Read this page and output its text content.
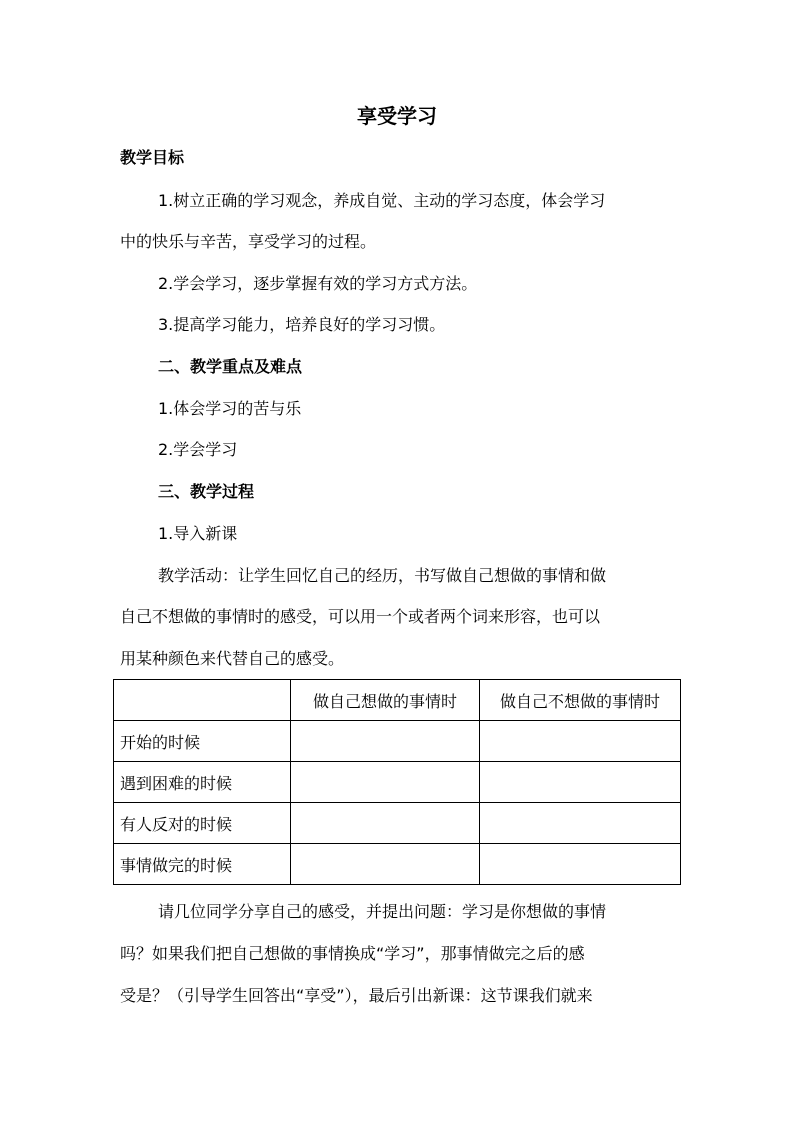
享受学习
教学目标
1.树立正确的学习观念，养成自觉、主动的学习态度，体会学习
中的快乐与辛苦，享受学习的过程。
2.学会学习，逐步掌握有效的学习方式方法。
3.提高学习能力，培养良好的学习习惯。
二、教学重点及难点
1.体会学习的苦与乐
2.学会学习
三、教学过程
1.导入新课
教学活动：让学生回忆自己的经历，书写做自己想做的事情和做
自己不想做的事情时的感受，可以用一个或者两个词来形容，也可以
用某种颜色来代替自己的感受。
	做自己想做的事情时	做自己不想做的事情时
开始的时候		
遇到困难的时候		
有人反对的时候		
事情做完的时候		
请几位同学分享自己的感受，并提出问题：学习是你想做的事情
吗？如果我们把自己想做的事情换成“学习”，那事情做完之后的感
受是？（引导学生回答出“享受”），最后引出新课：这节课我们就来
